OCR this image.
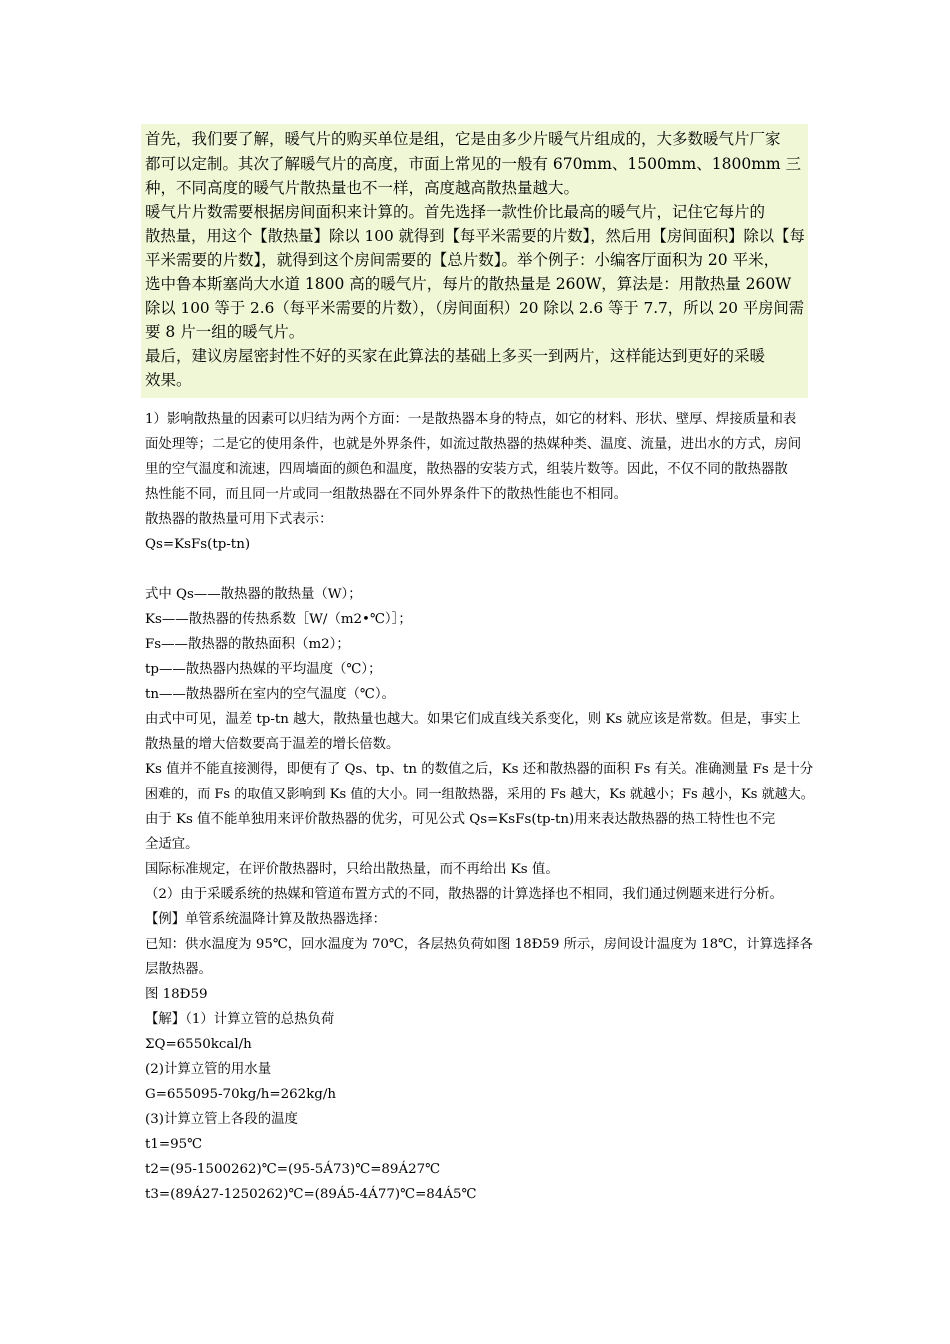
首先，我们要了解，暖气片的购买单位是组，它是由多少片暖气片组成的，大多数暖气片厂家
都可以定制。其次了解暖气片的高度，市面上常见的一般有 670mm、1500mm、1800mm 三
种，不同高度的暖气片散热量也不一样，高度越高散热量越大。
暖气片片数需要根据房间面积来计算的。首先选择一款性价比最高的暖气片，记住它每片的
散热量，用这个【散热量】除以 100 就得到【每平米需要的片数】，然后用【房间面积】除以【每
平米需要的片数】，就得到这个房间需要的【总片数】。举个例子：小编客厅面积为 20 平米，
选中鲁本斯塞尚大水道 1800 高的暖气片，每片的散热量是 260W，算法是：用散热量 260W
除以 100 等于 2.6（每平米需要的片数），（房间面积）20 除以 2.6 等于 7.7，所以 20 平房间需
要 8 片一组的暖气片。
最后，建议房屋密封性不好的买家在此算法的基础上多买一到两片，这样能达到更好的采暖
效果。
1）影响散热量的因素可以归结为两个方面：一是散热器本身的特点，如它的材料、形状、壁厚、焊接质量和表
面处理等；二是它的使用条件，也就是外界条件，如流过散热器的热媒种类、温度、流量，进出水的方式，房间
里的空气温度和流速，四周墙面的颜色和温度，散热器的安装方式，组装片数等。因此，不仅不同的散热器散
热性能不同，而且同一片或同一组散热器在不同外界条件下的散热性能也不相同。
散热器的散热量可用下式表示：
Qs=KsFs(tp-tn)
式中 Qs——散热器的散热量（W）；
Ks——散热器的传热系数［W/（m2•℃）］；
Fs——散热器的散热面积（m2）；
tp——散热器内热媒的平均温度（℃）；
tn——散热器所在室内的空气温度（℃）。
由式中可见，温差 tp-tn 越大，散热量也越大。如果它们成直线关系变化，则 Ks 就应该是常数。但是，事实上
散热量的增大倍数要高于温差的增长倍数。
Ks 值并不能直接测得，即便有了 Qs、tp、tn 的数值之后，Ks 还和散热器的面积 Fs 有关。准确测量 Fs 是十分
困难的，而 Fs 的取值又影响到 Ks 值的大小。同一组散热器，采用的 Fs 越大，Ks 就越小；Fs 越小，Ks 就越大。
由于 Ks 值不能单独用来评价散热器的优劣，可见公式 Qs=KsFs(tp-tn)用来表达散热器的热工特性也不完
全适宜。
国际标准规定，在评价散热器时，只给出散热量，而不再给出 Ks 值。
（2）由于采暖系统的热媒和管道布置方式的不同，散热器的计算选择也不相同，我们通过例题来进行分析。
【例】单管系统温降计算及散热器选择：
已知：供水温度为 95℃，回水温度为 70℃，各层热负荷如图 18Đ59 所示，房间设计温度为 18℃，计算选择各
层散热器。
图 18Đ59
【解】（1）计算立管的总热负荷
ΣQ=6550kcal/h
(2)计算立管的用水量
G=655095-70kg/h=262kg/h
(3)计算立管上各段的温度
t1=95℃
t2=(95-1500262)℃=(95-5Á73)℃=89Á27℃
t3=(89Á27-1250262)℃=(89Á5-4Á77)℃=84Á5℃
